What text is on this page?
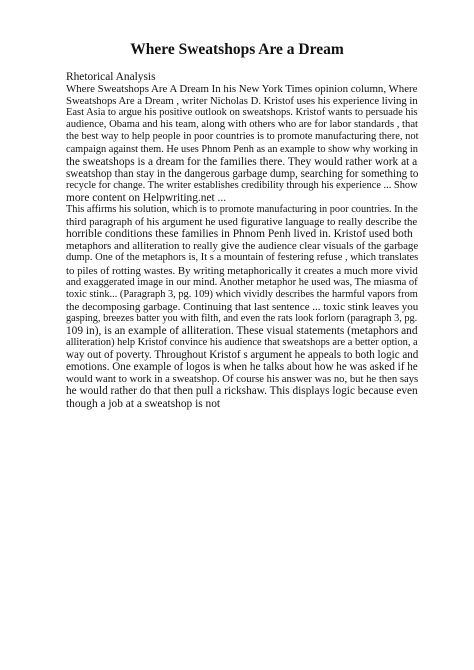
Where Sweatshops Are a Dream
Rhetorical Analysis
Where Sweatshops Are A Dream In his New York Times opinion column, Where
Sweatshops Are a Dream , writer Nicholas D. Kristof uses his experience living in
East Asia to argue his positive outlook on sweatshops. Kristof wants to persuade his
audience, Obama and his team, along with others who are for labor standards , that
the best way to help people in poor countries is to promote manufacturing there, not
campaign against them. He uses Phnom Penh as an example to show why working in
the sweatshops is a dream for the families there. They would rather work at a
sweatshop than stay in the dangerous garbage dump, searching for something to
recycle for change. The writer establishes credibility through his experience ... Show
more content on Helpwriting.net ...
This affirms his solution, which is to promote manufacturing in poor countries. In the
third paragraph of his argument he used figurative language to really describe the
horrible conditions these families in Phnom Penh lived in. Kristof used both
metaphors and alliteration to really give the audience clear visuals of the garbage
dump. One of the metaphors is, It s a mountain of festering refuse , which translates
to piles of rotting wastes. By writing metaphorically it creates a much more vivid
and exaggerated image in our mind. Another metaphor he used was, The miasma of
toxic stink... (Paragraph 3, pg. 109) which vividly describes the harmful vapors from
the decomposing garbage. Continuing that last sentence ... toxic stink leaves you
gasping, breezes batter you with filth, and even the rats look forlorn (paragraph 3, pg.
109 in), is an example of alliteration. These visual statements (metaphors and
alliteration) help Kristof convince his audience that sweatshops are a better option, a
way out of poverty. Throughout Kristof s argument he appeals to both logic and
emotions. One example of logos is when he talks about how he was asked if he
would want to work in a sweatshop. Of course his answer was no, but he then says
he would rather do that then pull a rickshaw. This displays logic because even
though a job at a sweatshop is not
